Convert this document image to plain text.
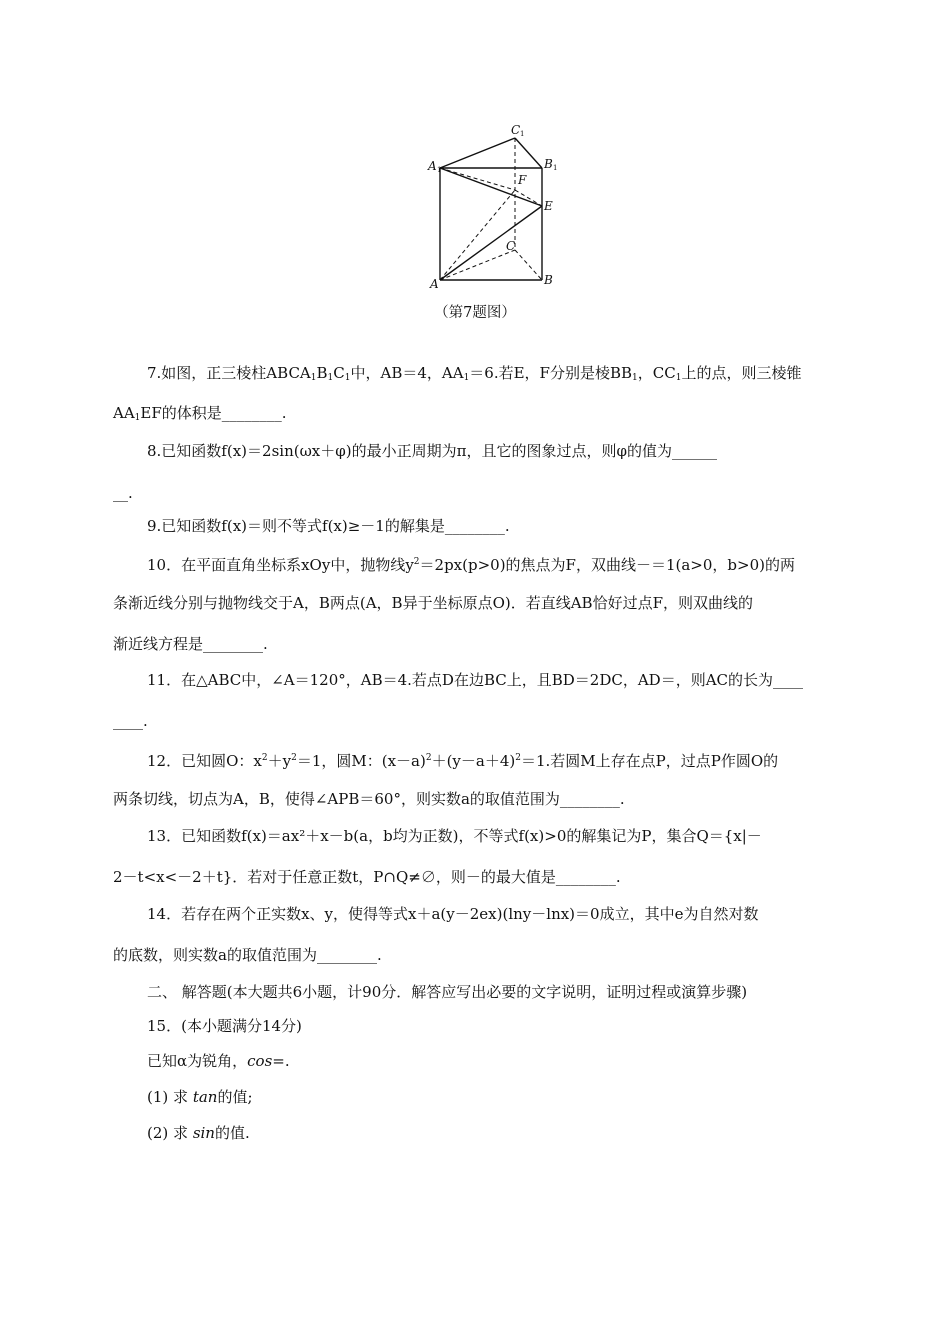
C 1
A 1	B 1
F
E
C
A	B
（第7题图）
7.如图，正三棱柱$ABCA_1B_1C_1$中，AB＝4，$AA_1=6$.若E，F分别是棱$BB_1$，$CC_1$上的点，则三棱锥
$AA_1EF$的体积是________.
8.已知函数f(x)＝2sin(ωx＋φ)的最小正周期为π，且它的图象过点，则φ的值为______
__.
9.已知函数f(x)＝则不等式f(x)≥－1的解集是________.
10．在平面直角坐标系xOy中，抛物线$y^2=2px(p>0)$的焦点为F，双曲线－＝1(a>0，b>0)的两
条渐近线分别与抛物线交于A，B两点(A，B异于坐标原点O)．若直线AB恰好过点F，则双曲线的
渐近线方程是________.
11．在△ABC中，∠A＝120°，AB＝4.若点D在边BC上，且BD＝2DC，AD＝，则AC的长为____
____.
12．已知圆O：$x^2+y^2=1$，圆M：$(x-a)^2+(y-a+4)^2=1$.若圆M上存在点P，过点P作圆O的
两条切线，切点为A，B，使得∠APB＝60°，则实数a的取值范围为________.
13．已知函数f(x)＝ax²＋x－b(a，b均为正数)，不等式f(x)>0的解集记为P，集合Q＝{x|－
2－t<x<－2＋t}．若对于任意正数t，P∩Q≠∅，则－的最大值是________.
14．若存在两个正实数x、y，使得等式x＋a(y－2ex)(lny－lnx)＝0成立，其中e为自然对数
的底数，则实数a的取值范围为________.
二、 解答题(本大题共6小题，计90分．解答应写出必要的文字说明，证明过程或演算步骤)
15．(本小题满分14分)
已知α为锐角，cos=.
(1) 求 tan的值;
(2) 求 sin的值.
